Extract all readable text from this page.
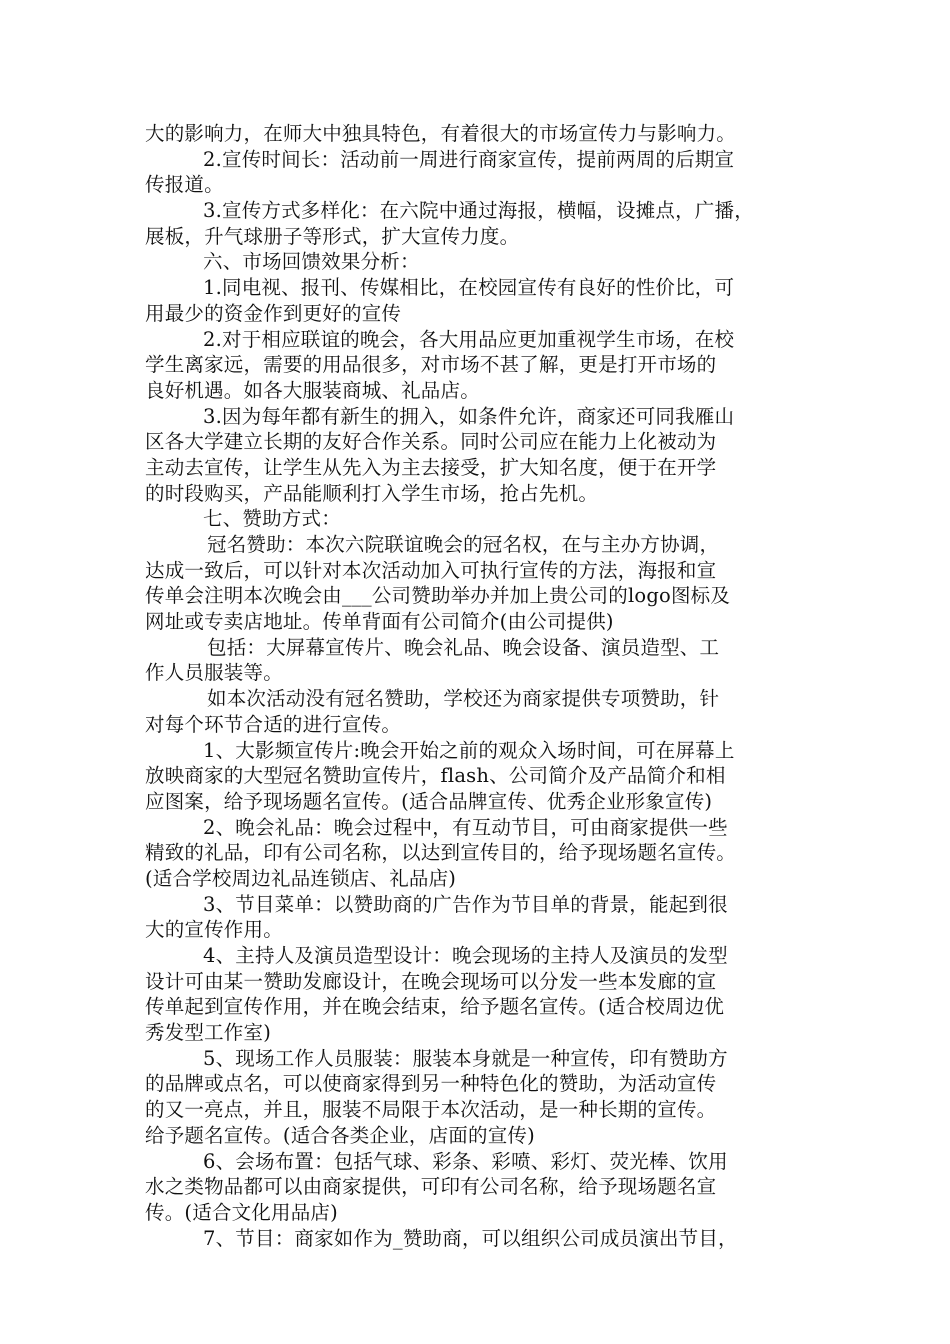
大的影响力，在师大中独具特色，有着很大的市场宣传力与影响力。
2.宣传时间长：活动前一周进行商家宣传，提前两周的后期宣
传报道。
3.宣传方式多样化：在六院中通过海报，横幅，设摊点，广播，
展板，升气球册子等形式，扩大宣传力度。
六、市场回馈效果分析：
1.同电视、报刊、传媒相比，在校园宣传有良好的性价比，可
用最少的资金作到更好的宣传
2.对于相应联谊的晚会，各大用品应更加重视学生市场，在校
学生离家远，需要的用品很多，对市场不甚了解，更是打开市场的
良好机遇。如各大服装商城、礼品店。
3.因为每年都有新生的拥入，如条件允许，商家还可同我雁山
区各大学建立长期的友好合作关系。同时公司应在能力上化被动为
主动去宣传，让学生从先入为主去接受，扩大知名度，便于在开学
的时段购买，产品能顺利打入学生市场，抢占先机。
七、赞助方式：
冠名赞助：本次六院联谊晚会的冠名权，在与主办方协调，
达成一致后，可以针对本次活动加入可执行宣传的方法，海报和宣
传单会注明本次晚会由___公司赞助举办并加上贵公司的logo图标及
网址或专卖店地址。传单背面有公司简介(由公司提供)
包括：大屏幕宣传片、晚会礼品、晚会设备、演员造型、工
作人员服装等。
如本次活动没有冠名赞助，学校还为商家提供专项赞助，针
对每个环节合适的进行宣传。
1、大影频宣传片:晚会开始之前的观众入场时间，可在屏幕上
放映商家的大型冠名赞助宣传片，flash、公司简介及产品简介和相
应图案，给予现场题名宣传。(适合品牌宣传、优秀企业形象宣传)
2、晚会礼品：晚会过程中，有互动节目，可由商家提供一些
精致的礼品，印有公司名称，以达到宣传目的，给予现场题名宣传。
(适合学校周边礼品连锁店、礼品店)
3、节目菜单：以赞助商的广告作为节目单的背景，能起到很
大的宣传作用。
4、主持人及演员造型设计：晚会现场的主持人及演员的发型
设计可由某一赞助发廊设计，在晚会现场可以分发一些本发廊的宣
传单起到宣传作用，并在晚会结束，给予题名宣传。(适合校周边优
秀发型工作室)
5、现场工作人员服装：服装本身就是一种宣传，印有赞助方
的品牌或点名，可以使商家得到另一种特色化的赞助，为活动宣传
的又一亮点，并且，服装不局限于本次活动，是一种长期的宣传。
给予题名宣传。(适合各类企业，店面的宣传)
6、会场布置：包括气球、彩条、彩喷、彩灯、荧光棒、饮用
水之类物品都可以由商家提供，可印有公司名称，给予现场题名宣
传。(适合文化用品店)
7、节目：商家如作为_赞助商，可以组织公司成员演出节目，
